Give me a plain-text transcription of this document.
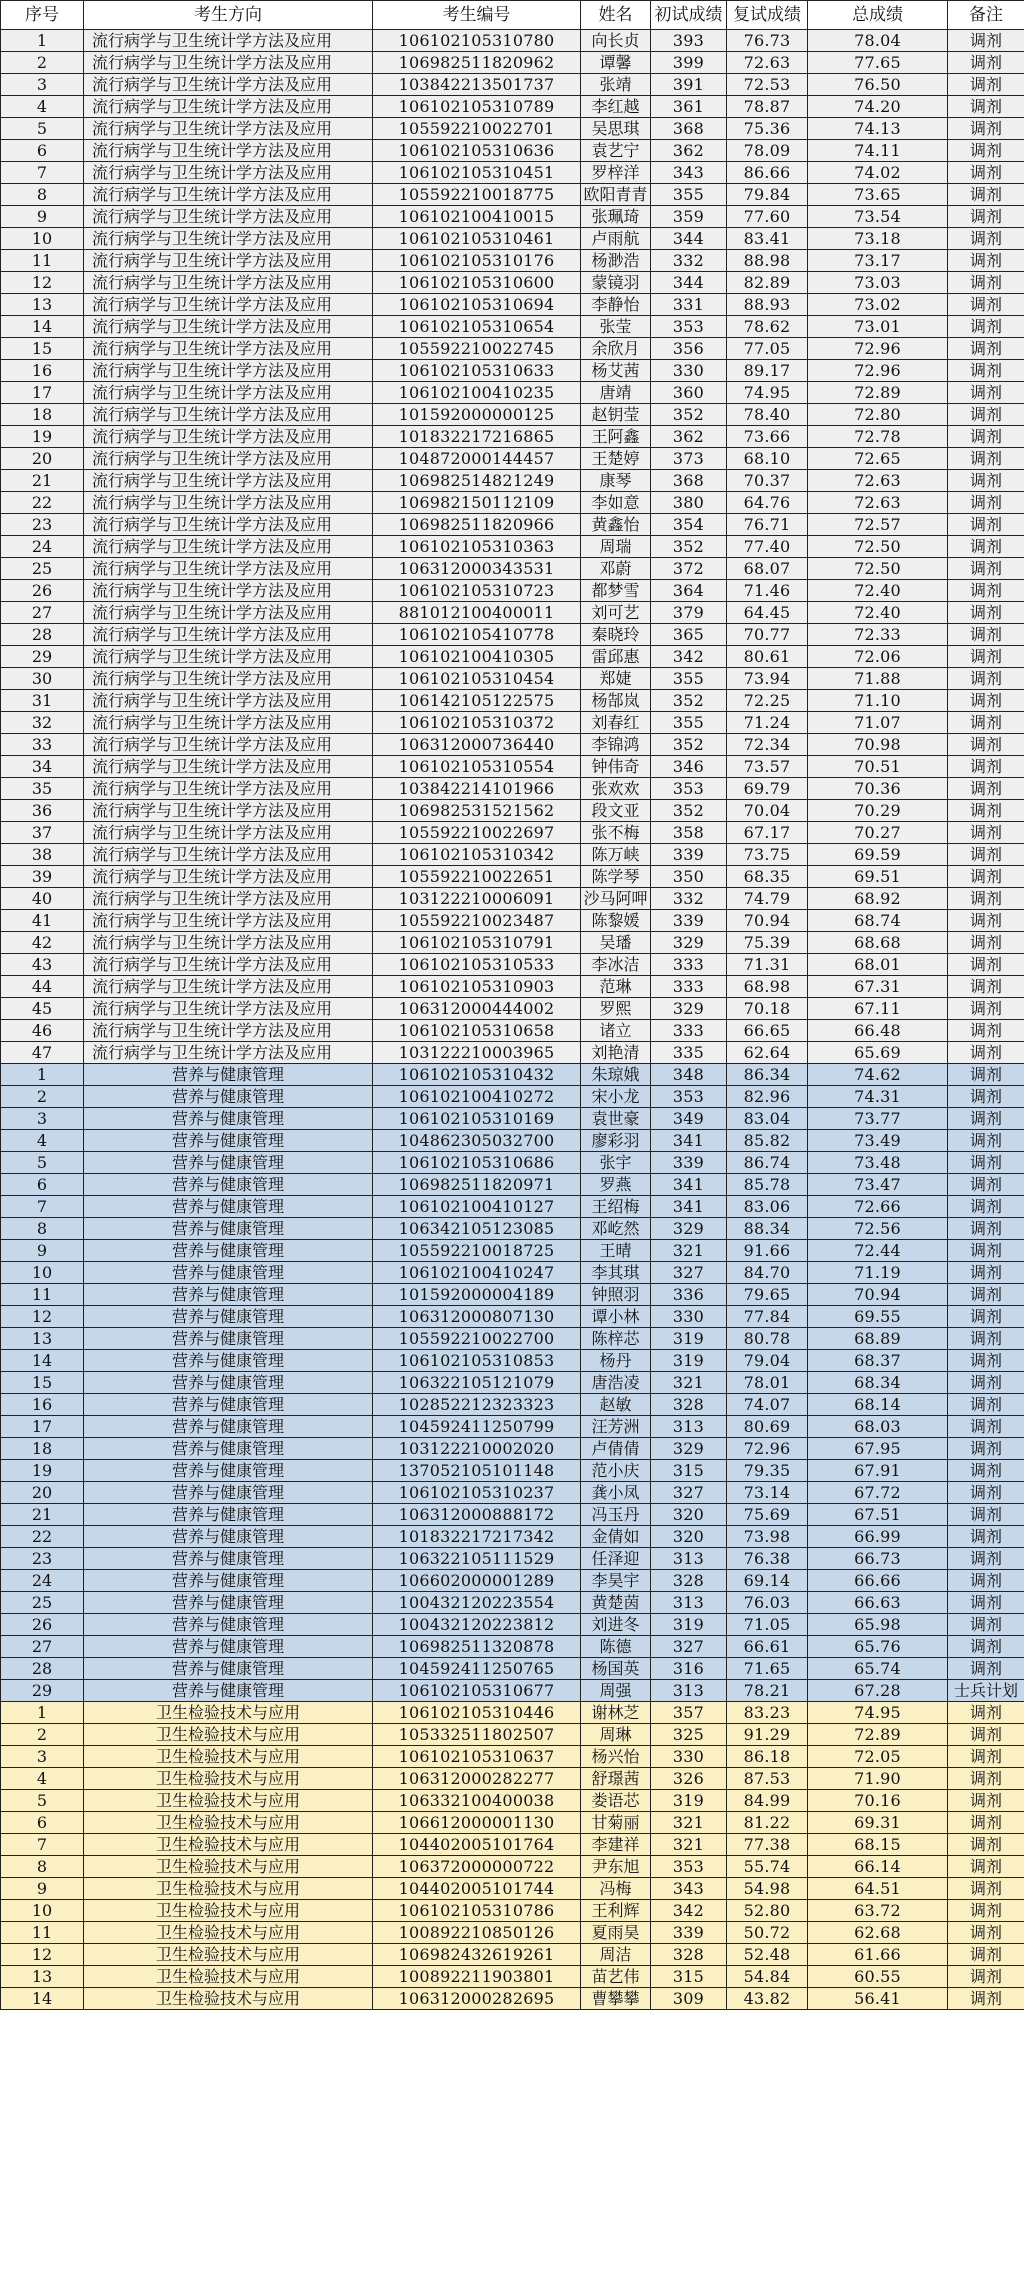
序号	考生方向	考生编号	姓名	初试成绩	复试成绩	总成绩	备注
1	流行病学与卫生统计学方法及应用	106102105310780	向长贞	393	76.73	78.04	调剂
2	流行病学与卫生统计学方法及应用	106982511820962	谭馨	399	72.63	77.65	调剂
3	流行病学与卫生统计学方法及应用	103842213501737	张靖	391	72.53	76.50	调剂
4	流行病学与卫生统计学方法及应用	106102105310789	李红越	361	78.87	74.20	调剂
5	流行病学与卫生统计学方法及应用	105592210022701	吴思琪	368	75.36	74.13	调剂
6	流行病学与卫生统计学方法及应用	106102105310636	袁艺宁	362	78.09	74.11	调剂
7	流行病学与卫生统计学方法及应用	106102105310451	罗梓洋	343	86.66	74.02	调剂
8	流行病学与卫生统计学方法及应用	105592210018775	欧阳青青	355	79.84	73.65	调剂
9	流行病学与卫生统计学方法及应用	106102100410015	张珮琦	359	77.60	73.54	调剂
10	流行病学与卫生统计学方法及应用	106102105310461	卢雨航	344	83.41	73.18	调剂
11	流行病学与卫生统计学方法及应用	106102105310176	杨渺浩	332	88.98	73.17	调剂
12	流行病学与卫生统计学方法及应用	106102105310600	蒙镜羽	344	82.89	73.03	调剂
13	流行病学与卫生统计学方法及应用	106102105310694	李静怡	331	88.93	73.02	调剂
14	流行病学与卫生统计学方法及应用	106102105310654	张莹	353	78.62	73.01	调剂
15	流行病学与卫生统计学方法及应用	105592210022745	余欣月	356	77.05	72.96	调剂
16	流行病学与卫生统计学方法及应用	106102105310633	杨艾茜	330	89.17	72.96	调剂
17	流行病学与卫生统计学方法及应用	106102100410235	唐靖	360	74.95	72.89	调剂
18	流行病学与卫生统计学方法及应用	101592000000125	赵钥莹	352	78.40	72.80	调剂
19	流行病学与卫生统计学方法及应用	101832217216865	王阿鑫	362	73.66	72.78	调剂
20	流行病学与卫生统计学方法及应用	104872000144457	王楚婷	373	68.10	72.65	调剂
21	流行病学与卫生统计学方法及应用	106982514821249	康琴	368	70.37	72.63	调剂
22	流行病学与卫生统计学方法及应用	106982150112109	李如意	380	64.76	72.63	调剂
23	流行病学与卫生统计学方法及应用	106982511820966	黄鑫怡	354	76.71	72.57	调剂
24	流行病学与卫生统计学方法及应用	106102105310363	周瑞	352	77.40	72.50	调剂
25	流行病学与卫生统计学方法及应用	106312000343531	邓蔚	372	68.07	72.50	调剂
26	流行病学与卫生统计学方法及应用	106102105310723	都梦雪	364	71.46	72.40	调剂
27	流行病学与卫生统计学方法及应用	881012100400011	刘可艺	379	64.45	72.40	调剂
28	流行病学与卫生统计学方法及应用	106102105410778	秦晓玲	365	70.77	72.33	调剂
29	流行病学与卫生统计学方法及应用	106102100410305	雷邱惠	342	80.61	72.06	调剂
30	流行病学与卫生统计学方法及应用	106102105310454	郑婕	355	73.94	71.88	调剂
31	流行病学与卫生统计学方法及应用	106142105122575	杨郜岚	352	72.25	71.10	调剂
32	流行病学与卫生统计学方法及应用	106102105310372	刘春红	355	71.24	71.07	调剂
33	流行病学与卫生统计学方法及应用	106312000736440	李锦鸿	352	72.34	70.98	调剂
34	流行病学与卫生统计学方法及应用	106102105310554	钟伟奇	346	73.57	70.51	调剂
35	流行病学与卫生统计学方法及应用	103842214101966	张欢欢	353	69.79	70.36	调剂
36	流行病学与卫生统计学方法及应用	106982531521562	段文亚	352	70.04	70.29	调剂
37	流行病学与卫生统计学方法及应用	105592210022697	张不梅	358	67.17	70.27	调剂
38	流行病学与卫生统计学方法及应用	106102105310342	陈万峡	339	73.75	69.59	调剂
39	流行病学与卫生统计学方法及应用	105592210022651	陈学琴	350	68.35	69.51	调剂
40	流行病学与卫生统计学方法及应用	103122210006091	沙马阿呷	332	74.79	68.92	调剂
41	流行病学与卫生统计学方法及应用	105592210023487	陈黎媛	339	70.94	68.74	调剂
42	流行病学与卫生统计学方法及应用	106102105310791	吴璠	329	75.39	68.68	调剂
43	流行病学与卫生统计学方法及应用	106102105310533	李冰洁	333	71.31	68.01	调剂
44	流行病学与卫生统计学方法及应用	106102105310903	范琳	333	68.98	67.31	调剂
45	流行病学与卫生统计学方法及应用	106312000444002	罗熙	329	70.18	67.11	调剂
46	流行病学与卫生统计学方法及应用	106102105310658	诸立	333	66.65	66.48	调剂
47	流行病学与卫生统计学方法及应用	103122210003965	刘艳清	335	62.64	65.69	调剂
1	营养与健康管理	106102105310432	朱琼娥	348	86.34	74.62	调剂
2	营养与健康管理	106102100410272	宋小龙	353	82.96	74.31	调剂
3	营养与健康管理	106102105310169	袁世豪	349	83.04	73.77	调剂
4	营养与健康管理	104862305032700	廖彩羽	341	85.82	73.49	调剂
5	营养与健康管理	106102105310686	张宇	339	86.74	73.48	调剂
6	营养与健康管理	106982511820971	罗燕	341	85.78	73.47	调剂
7	营养与健康管理	106102100410127	王绍梅	341	83.06	72.66	调剂
8	营养与健康管理	106342105123085	邓屹然	329	88.34	72.56	调剂
9	营养与健康管理	105592210018725	王晴	321	91.66	72.44	调剂
10	营养与健康管理	106102100410247	李其琪	327	84.70	71.19	调剂
11	营养与健康管理	101592000004189	钟照羽	336	79.65	70.94	调剂
12	营养与健康管理	106312000807130	谭小林	330	77.84	69.55	调剂
13	营养与健康管理	105592210022700	陈梓芯	319	80.78	68.89	调剂
14	营养与健康管理	106102105310853	杨丹	319	79.04	68.37	调剂
15	营养与健康管理	106322105121079	唐浩凌	321	78.01	68.34	调剂
16	营养与健康管理	102852212323323	赵敏	328	74.07	68.14	调剂
17	营养与健康管理	104592411250799	汪芳洲	313	80.69	68.03	调剂
18	营养与健康管理	103122210002020	卢倩倩	329	72.96	67.95	调剂
19	营养与健康管理	137052105101148	范小庆	315	79.35	67.91	调剂
20	营养与健康管理	106102105310237	龚小凤	327	73.14	67.72	调剂
21	营养与健康管理	106312000888172	冯玉丹	320	75.69	67.51	调剂
22	营养与健康管理	101832217217342	金倩如	320	73.98	66.99	调剂
23	营养与健康管理	106322105111529	任泽迎	313	76.38	66.73	调剂
24	营养与健康管理	106602000001289	李昊宇	328	69.14	66.66	调剂
25	营养与健康管理	100432120223554	黄楚茵	313	76.03	66.63	调剂
26	营养与健康管理	100432120223812	刘进冬	319	71.05	65.98	调剂
27	营养与健康管理	106982511320878	陈德	327	66.61	65.76	调剂
28	营养与健康管理	104592411250765	杨国英	316	71.65	65.74	调剂
29	营养与健康管理	106102105310677	周强	313	78.21	67.28	士兵计划
1	卫生检验技术与应用	106102105310446	谢林芝	357	83.23	74.95	调剂
2	卫生检验技术与应用	105332511802507	周琳	325	91.29	72.89	调剂
3	卫生检验技术与应用	106102105310637	杨兴怡	330	86.18	72.05	调剂
4	卫生检验技术与应用	106312000282277	舒璟茜	326	87.53	71.90	调剂
5	卫生检验技术与应用	106332100400038	娄语芯	319	84.99	70.16	调剂
6	卫生检验技术与应用	106612000001130	甘菊丽	321	81.22	69.31	调剂
7	卫生检验技术与应用	104402005101764	李建祥	321	77.38	68.15	调剂
8	卫生检验技术与应用	106372000000722	尹东旭	353	55.74	66.14	调剂
9	卫生检验技术与应用	104402005101744	冯梅	343	54.98	64.51	调剂
10	卫生检验技术与应用	106102105310786	王利辉	342	52.80	63.72	调剂
11	卫生检验技术与应用	100892210850126	夏雨昊	339	50.72	62.68	调剂
12	卫生检验技术与应用	106982432619261	周洁	328	52.48	61.66	调剂
13	卫生检验技术与应用	100892211903801	苗艺伟	315	54.84	60.55	调剂
14	卫生检验技术与应用	106312000282695	曹攀攀	309	43.82	56.41	调剂
